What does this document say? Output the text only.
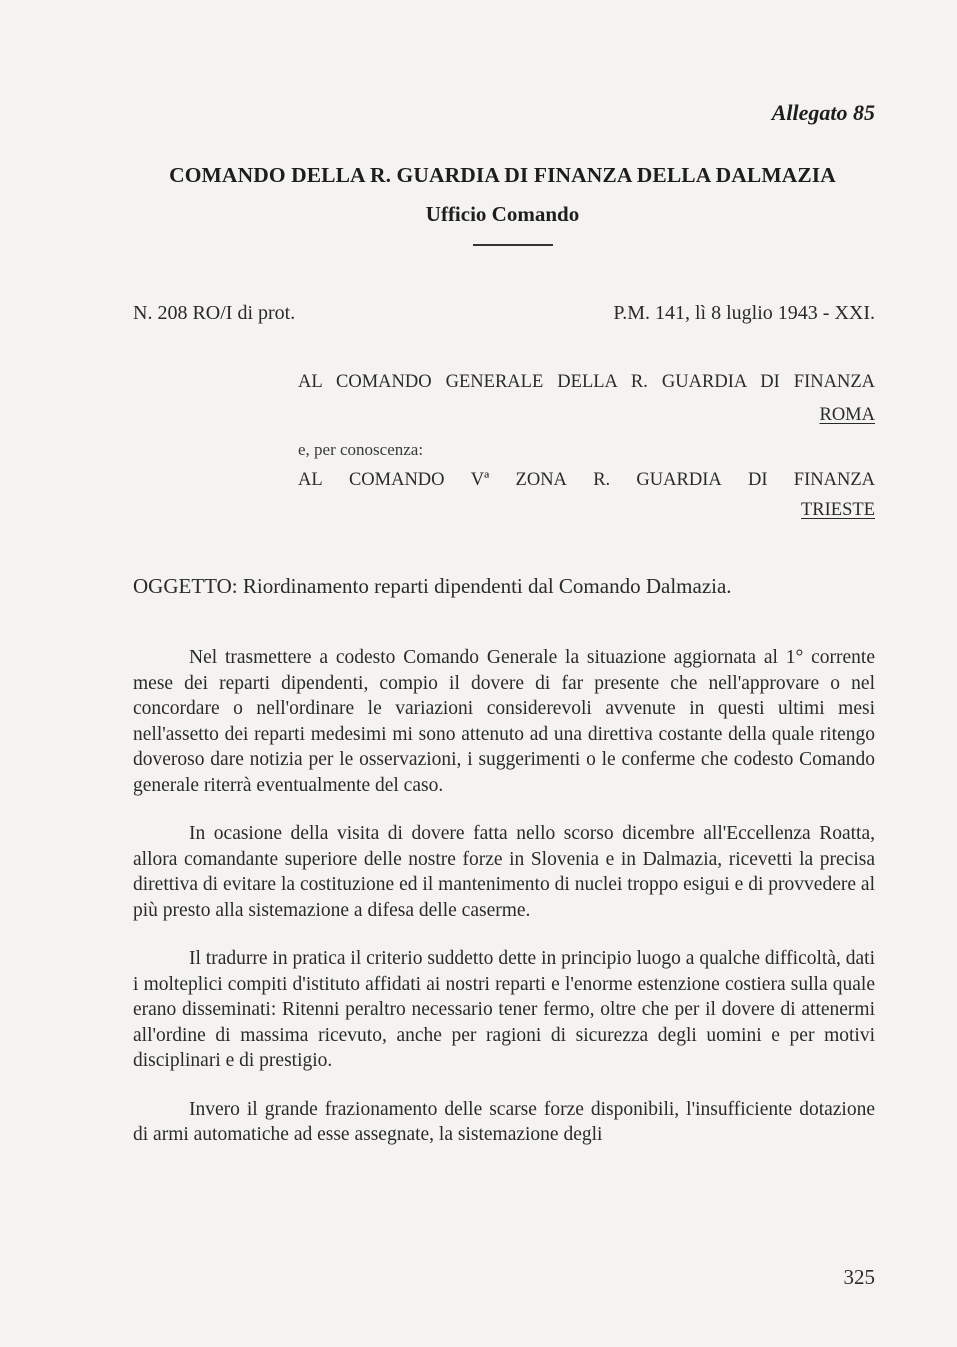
Allegato 85
COMANDO DELLA R. GUARDIA DI FINANZA DELLA DALMAZIA
Ufficio Comando
N. 208 RO/I di prot.	P.M. 141, lì 8 luglio 1943 - XXI.
AL COMANDO GENERALE DELLA R. GUARDIA DI FINANZA
ROMA
e, per conoscenza:
AL COMANDO Vª ZONA R. GUARDIA DI FINANZA
TRIESTE
OGGETTO: Riordinamento reparti dipendenti dal Comando Dalmazia.

Nel trasmettere a codesto Comando Generale la situazione aggiornata al 1° corrente mese dei reparti dipendenti, compio il dovere di far presente che nell'approvare o nel concordare o nell'ordinare le variazioni considerevoli avvenute in questi ultimi mesi nell'assetto dei reparti medesimi mi sono attenuto ad una direttiva costante della quale ritengo doveroso dare notizia per le osservazioni, i suggerimenti o le conferme che codesto Comando generale riterrà eventualmente del caso.

In ocasione della visita di dovere fatta nello scorso dicembre all'Eccellenza Roatta, allora comandante superiore delle nostre forze in Slovenia e in Dalmazia, ricevetti la precisa direttiva di evitare la costituzione ed il mantenimento di nuclei troppo esigui e di provvedere al più presto alla sistemazione a difesa delle caserme.

Il tradurre in pratica il criterio suddetto dette in principio luogo a qualche difficoltà, dati i molteplici compiti d'istituto affidati ai nostri reparti e l'enorme estenzione costiera sulla quale erano disseminati: Ritenni peraltro necessario tener fermo, oltre che per il dovere di attenermi all'ordine di massima ricevuto, anche per ragioni di sicurezza degli uomini e per motivi disciplinari e di prestigio.

Invero il grande frazionamento delle scarse forze disponibili, l'insufficiente dotazione di armi automatiche ad esse assegnate, la sistemazione degli

325
